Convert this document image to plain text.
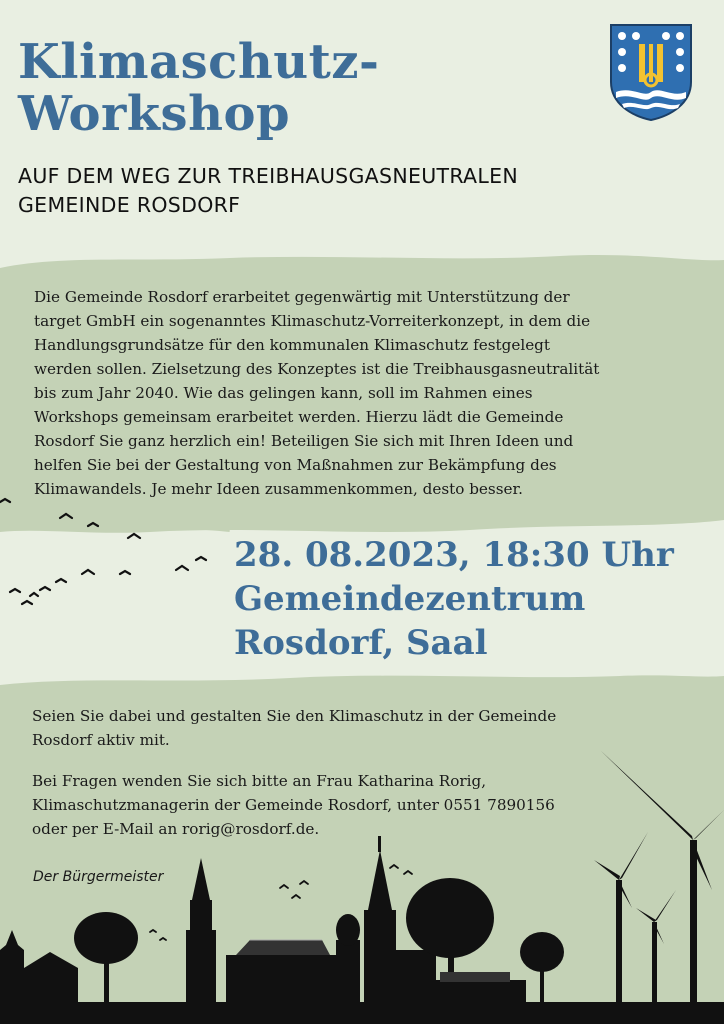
Klimaschutz-
Workshop
AUF DEM WEG ZUR TREIBHAUSGASNEUTRALEN
GEMEINDE ROSDORF
Die Gemeinde Rosdorf erarbeitet gegenwärtig mit Unterstützung der
target GmbH ein sogenanntes Klimaschutz-Vorreiterkonzept, in dem die
Handlungsgrundsätze für den kommunalen Klimaschutz festgelegt
werden sollen. Zielsetzung des Konzeptes ist die Treibhausgasneutralität
bis zum Jahr 2040. Wie das gelingen kann, soll im Rahmen eines
Workshops gemeinsam erarbeitet werden. Hierzu lädt die Gemeinde
Rosdorf Sie ganz herzlich ein! Beteiligen Sie sich mit Ihren Ideen und
helfen Sie bei der Gestaltung von Maßnahmen zur Bekämpfung des
Klimawandels. Je mehr Ideen zusammenkommen, desto besser.
28. 08.2023, 18:30 Uhr
Gemeindezentrum
Rosdorf, Saal
Seien Sie dabei und gestalten Sie den Klimaschutz in der Gemeinde
Rosdorf aktiv mit.
Bei Fragen wenden Sie sich bitte an Frau Katharina Rorig,
Klimaschutzmanagerin der Gemeinde Rosdorf, unter 0551 7890156
oder per E-Mail an rorig@rosdorf.de.
Der Bürgermeister
